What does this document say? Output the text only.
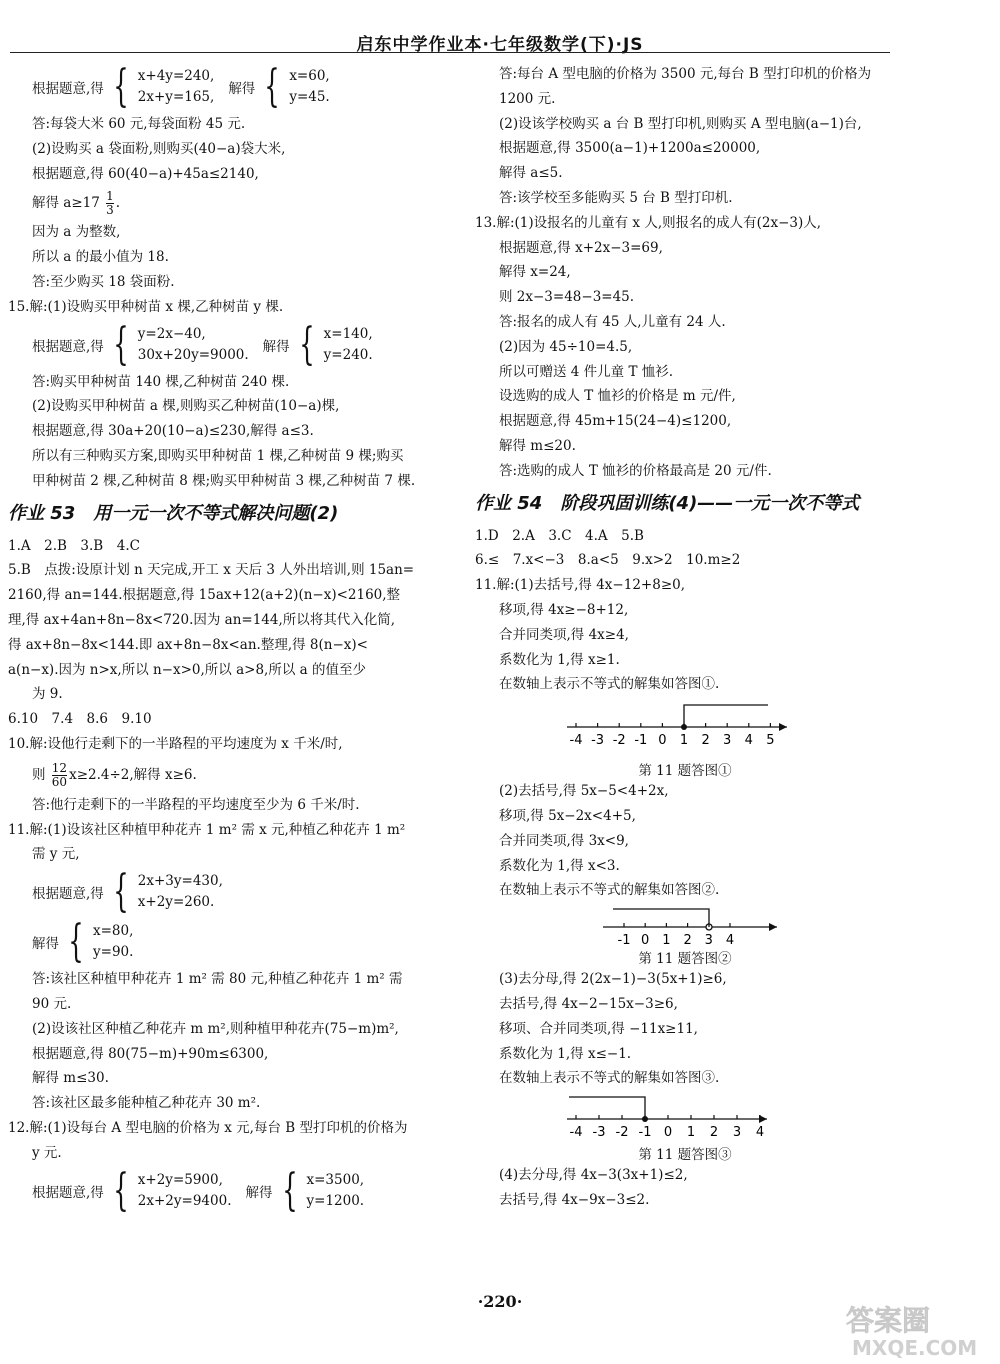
启东中学作业本·七年级数学(下)·JS
根据题意,得 { x+4y=240,
2x+y=165, 解得 { x=60,
y=45.
答:每袋大米 60 元,每袋面粉 45 元.
(2)设购买 a 袋面粉,则购买(40−a)袋大米,
根据题意,得 60(40−a)+45a≤2140,
解得 $a\ge 17 \frac{1}{3}$ .
因为 a 为整数,
所以 a 的最小值为 18.
答:至少购买 18 袋面粉.
15.解:(1)设购买甲种树苗 x 棵,乙种树苗 y 棵.
根据题意,得 { y=2x−40,
30x+20y=9000. 解得 { x=140,
y=240.
答:购买甲种树苗 140 棵,乙种树苗 240 棵.
(2)设购买甲种树苗 a 棵,则购买乙种树苗(10−a)棵,
根据题意,得 30a+20(10−a)≤230,解得 a≤3.
所以有三种购买方案,即购买甲种树苗 1 棵,乙种树苗 9 棵;购买
甲种树苗 2 棵,乙种树苗 8 棵;购买甲种树苗 3 棵,乙种树苗 7 棵.
作业 53　用一元一次不等式解决问题(2)
1.A　2.B　3.B　4.C
5.B　点拨:设原计划 n 天完成,开工 x 天后 3 人外出培训,则 15an=
2160,得 an=144.根据题意,得 15ax+12(a+2)(n−x)<2160,整
理,得 ax+4an+8n−8x<720.因为 an=144,所以将其代入化简,
得 ax+8n−8x<144.即 ax+8n−8x<an.整理,得 8(n−x)<
a(n−x).因为 n>x,所以 n−x>0,所以 a>8,所以 a 的值至少
为 9.
6.10　7.4　8.6　9.10
10.解:设他行走剩下的一半路程的平均速度为 x 千米/时,
则 $\frac{12}{60} x\ge 2.4\div 2$,解得 x≥6.
答:他行走剩下的一半路程的平均速度至少为 6 千米/时.
11.解:(1)设该社区种植甲种花卉 1 m² 需 x 元,种植乙种花卉 1 m²
需 y 元,
根据题意,得 { 2x+3y=430,
x+2y=260.
解得 { x=80,
y=90.
答:该社区种植甲种花卉 1 m² 需 80 元,种植乙种花卉 1 m² 需
90 元.
(2)设该社区种植乙种花卉 m m²,则种植甲种花卉(75−m)m²,
根据题意,得 80(75−m)+90m≤6300,
解得 m≤30.
答:该社区最多能种植乙种花卉 30 m².
12.解:(1)设每台 A 型电脑的价格为 x 元,每台 B 型打印机的价格为
y 元.
根据题意,得 { x+2y=5900,
2x+2y=9400. 解得 { x=3500,
y=1200.
答:每台 A 型电脑的价格为 3500 元,每台 B 型打印机的价格为
1200 元.
(2)设该学校购买 a 台 B 型打印机,则购买 A 型电脑(a−1)台,
根据题意,得 3500(a−1)+1200a≤20000,
解得 a≤5.
答:该学校至多能购买 5 台 B 型打印机.
13.解:(1)设报名的儿童有 x 人,则报名的成人有(2x−3)人,
根据题意,得 x+2x−3=69,
解得 x=24,
则 2x−3=48−3=45.
答:报名的成人有 45 人,儿童有 24 人.
(2)因为 45÷10=4.5,
所以可赠送 4 件儿童 T 恤衫.
设选购的成人 T 恤衫的价格是 m 元/件,
根据题意,得 45m+15(24−4)≤1200,
解得 m≤20.
答:选购的成人 T 恤衫的价格最高是 20 元/件.
作业 54　阶段巩固训练(4)——一元一次不等式
1.D　2.A　3.C　4.A　5.B
6.≤　7.x<−3　8.a<5　9.x>2　10.m≥2
11.解:(1)去括号,得 4x−12+8≥0,
移项,得 4x≥−8+12,
合并同类项,得 4x≥4,
系数化为 1,得 x≥1.
在数轴上表示不等式的解集如答图①.
-4 -3 -2 -1 0 1 2 3 4 5
第 11 题答图①
(2)去括号,得 5x−5<4+2x,
移项,得 5x−2x<4+5,
合并同类项,得 3x<9,
系数化为 1,得 x<3.
在数轴上表示不等式的解集如答图②.
-1 0 1 2 3 4
第 11 题答图②
(3)去分母,得 2(2x−1)−3(5x+1)≥6,
去括号,得 4x−2−15x−3≥6,
移项、合并同类项,得 −11x≥11,
系数化为 1,得 x≤−1.
在数轴上表示不等式的解集如答图③.
-4 -3 -2 -1 0 1 2 3 4
第 11 题答图③
(4)去分母,得 4x−3(3x+1)≤2,
去括号,得 4x−9x−3≤2.
·220·
答案圈
MXQE.COM
